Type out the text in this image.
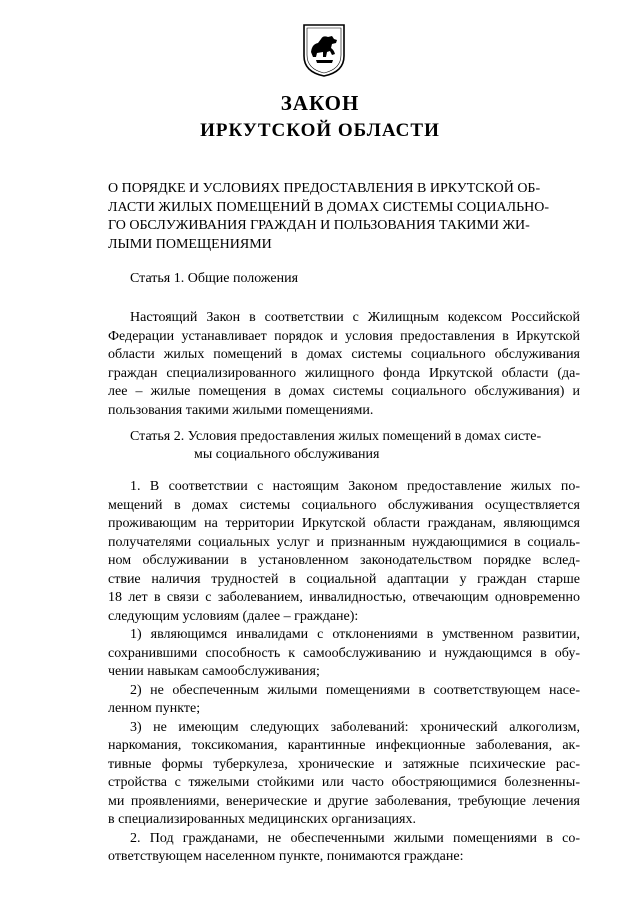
ЗАКОН
ИРКУТСКОЙ ОБЛАСТИ
О ПОРЯДКЕ И УСЛОВИЯХ ПРЕДОСТАВЛЕНИЯ В ИРКУТСКОЙ ОБ-
ЛАСТИ ЖИЛЫХ ПОМЕЩЕНИЙ В ДОМАХ СИСТЕМЫ СОЦИАЛЬНО-
ГО ОБСЛУЖИВАНИЯ ГРАЖДАН И ПОЛЬЗОВАНИЯ ТАКИМИ ЖИ-
ЛЫМИ ПОМЕЩЕНИЯМИ
Статья 1. Общие положения
Настоящий Закон в соответствии с Жилищным кодексом Российской
Федерации устанавливает порядок и условия предоставления в Иркутской
области жилых помещений в домах системы социального обслуживания
граждан специализированного жилищного фонда Иркутской области (да-
лее – жилые помещения в домах системы социального обслуживания) и
пользования такими жилыми помещениями.
Статья 2. Условия предоставления жилых помещений в домах систе-
мы социального обслуживания
1. В соответствии с настоящим Законом предоставление жилых по-
мещений в домах системы социального обслуживания осуществляется
проживающим на территории Иркутской области гражданам, являющимся
получателями социальных услуг и признанным нуждающимися в социаль-
ном обслуживании в установленном законодательством порядке вслед-
ствие наличия трудностей в социальной адаптации у граждан старше
18 лет в связи с заболеванием, инвалидностью, отвечающим одновременно
следующим условиям (далее – граждане):
1) являющимся инвалидами с отклонениями в умственном развитии,
сохранившими способность к самообслуживанию и нуждающимся в обу-
чении навыкам самообслуживания;
2) не обеспеченным жилыми помещениями в соответствующем насе-
ленном пункте;
3) не имеющим следующих заболеваний: хронический алкоголизм,
наркомания, токсикомания, карантинные инфекционные заболевания, ак-
тивные формы туберкулеза, хронические и затяжные психические рас-
стройства с тяжелыми стойкими или часто обостряющимися болезненны-
ми проявлениями, венерические и другие заболевания, требующие лечения
в специализированных медицинских организациях.
2. Под гражданами, не обеспеченными жилыми помещениями в со-
ответствующем населенном пункте, понимаются граждане:
